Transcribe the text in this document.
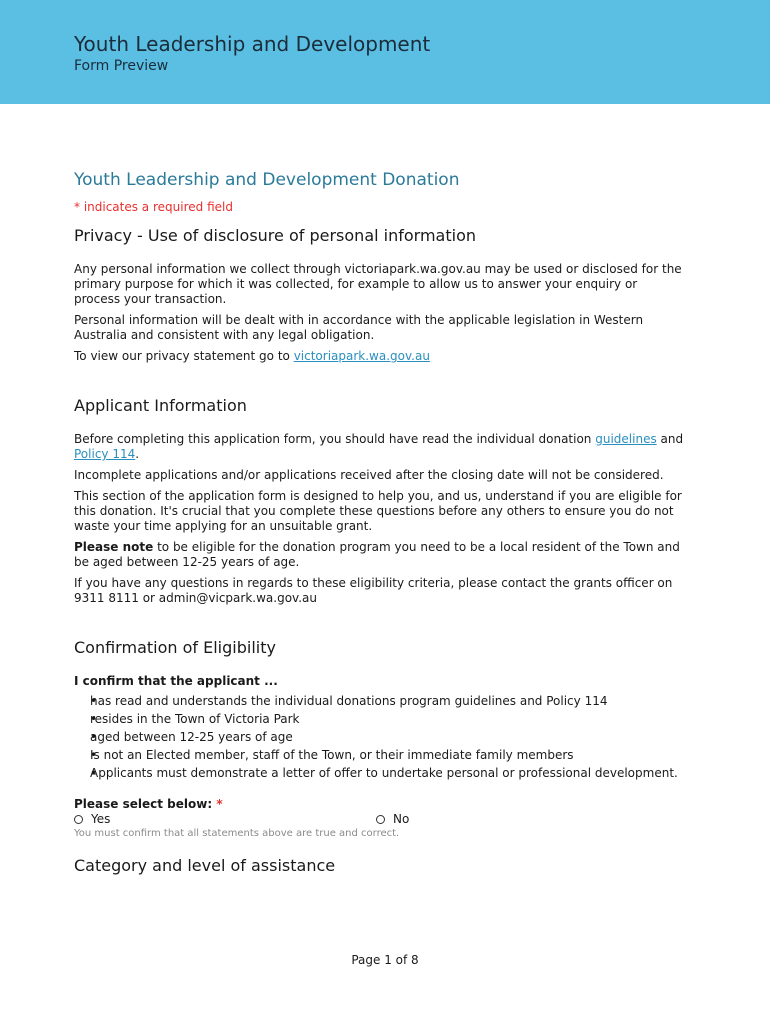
Youth Leadership and Development
Form Preview
Youth Leadership and Development Donation
* indicates a required field
Privacy - Use of disclosure of personal information

Any personal information we collect through victoriapark.wa.gov.au may be used or disclosed for the primary purpose for which it was collected, for example to allow us to answer your enquiry or process your transaction.

Personal information will be dealt with in accordance with the applicable legislation in Western Australia and consistent with any legal obligation.

To view our privacy statement go to victoriapark.wa.gov.au

Applicant Information

Before completing this application form, you should have read the individual donation guidelines and Policy 114.

Incomplete applications and/or applications received after the closing date will not be considered.

This section of the application form is designed to help you, and us, understand if you are eligible for this donation. It's crucial that you complete these questions before any others to ensure you do not waste your time applying for an unsuitable grant.

Please note to be eligible for the donation program you need to be a local resident of the Town and be aged between 12-25 years of age.

If you have any questions in regards to these eligibility criteria, please contact the grants officer on 9311 8111 or admin@vicpark.wa.gov.au

Confirmation of Eligibility
I confirm that the applicant ...
• has read and understands the individual donations program guidelines and Policy 114
• resides in the Town of Victoria Park
• aged between 12-25 years of age
• Is not an Elected member, staff of the Town, or their immediate family members
• Applicants must demonstrate a letter of offer to undertake personal or professional development.
Please select below: *
Yes	No
You must confirm that all statements above are true and correct.
Category and level of assistance
Page 1 of 8
